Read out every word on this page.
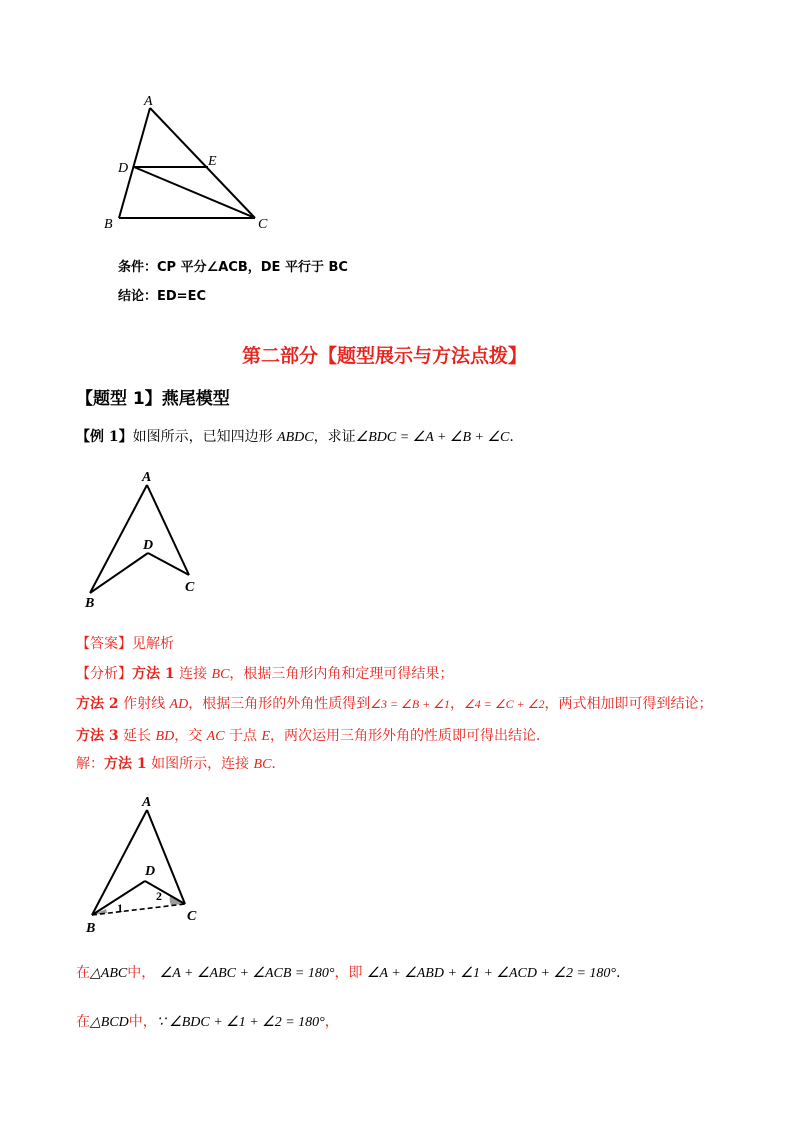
A
D	E
B	C
条件：CP 平分∠ACB，DE 平行于 BC
结论：ED=EC
第二部分【题型展示与方法点拨】
【题型 1】燕尾模型
【例 1】如图所示，已知四边形 ABDC，求证∠BDC = ∠A + ∠B + ∠C.
A
D
B
C
【答案】见解析
【分析】方法 1 连接 BC，根据三角形内角和定理可得结果；
方法 2 作射线 AD，根据三角形的外角性质得到∠3 = ∠B + ∠1，∠4 = ∠C + ∠2，两式相加即可得到结论；
方法 3 延长 BD，交 AC 于点 E，两次运用三角形外角的性质即可得出结论．
解：方法 1 如图所示，连接 BC.
A
D
B
C
1
2
在△ABC中， ∠A + ∠ABC + ∠ACB = 180°，即 ∠A + ∠ABD + ∠1 + ∠ACD + ∠2 = 180°.
在△BCD中，∵ ∠BDC + ∠1 + ∠2 = 180°，
